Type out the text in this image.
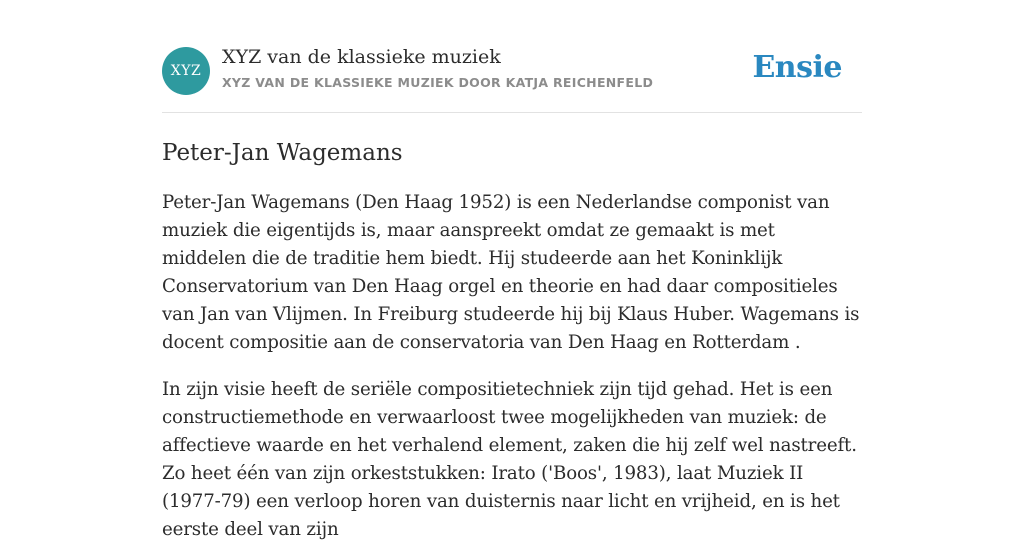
XYZ
XYZ van de klassieke muziek
XYZ VAN DE KLASSIEKE MUZIEK DOOR KATJA REICHENFELD	Ensie
Peter-Jan Wagemans

Peter-Jan Wagemans (Den Haag 1952) is een Nederlandse componist van muziek die eigentijds is, maar aanspreekt omdat ze gemaakt is met middelen die de traditie hem biedt. Hij studeerde aan het Koninklijk Conservatorium van Den Haag orgel en theorie en had daar compositieles van Jan van Vlijmen. In Freiburg studeerde hij bij Klaus Huber. Wagemans is docent compositie aan de conservatoria van Den Haag en Rotterdam .

In zijn visie heeft de seriële compositietechniek zijn tijd gehad. Het is een constructiemethode en verwaarloost twee mogelijkheden van muziek: de affectieve waarde en het verhalend element, zaken die hij zelf wel nastreeft. Zo heet één van zijn orkeststukken: Irato ('Boos', 1983), laat Muziek II (1977-79) een verloop horen van duisternis naar licht en vrijheid, en is het eerste deel van zijn
